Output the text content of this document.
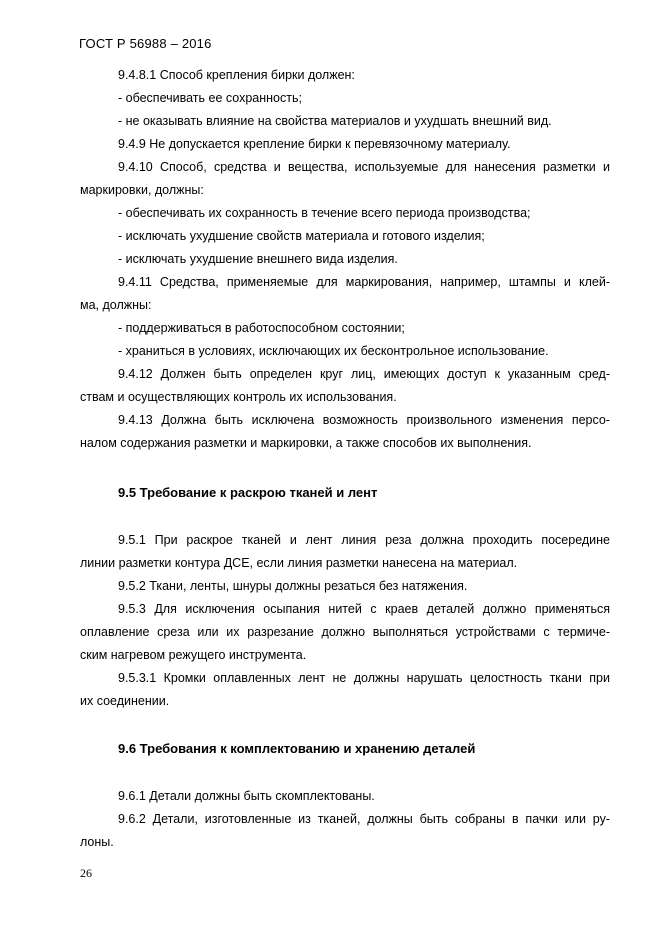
ГОСТ Р 56988 – 2016
9.4.8.1 Способ крепления бирки должен:
- обеспечивать ее сохранность;
- не оказывать влияние на свойства материалов и ухудшать внешний вид.
9.4.9 Не допускается крепление бирки к перевязочному материалу.
9.4.10 Способ, средства и вещества, используемые для нанесения разметки и
маркировки, должны:
- обеспечивать их сохранность в течение всего периода производства;
- исключать ухудшение свойств материала и готового изделия;
- исключать ухудшение внешнего вида изделия.
9.4.11 Средства, применяемые для маркирования, например, штампы и клей-
ма, должны:
- поддерживаться в работоспособном состоянии;
- храниться в условиях, исключающих их бесконтрольное использование.
9.4.12 Должен быть определен круг лиц, имеющих доступ к указанным сред-
ствам и осуществляющих контроль их использования.
9.4.13 Должна быть исключена возможность произвольного изменения персо-
налом содержания разметки и маркировки, а также способов их выполнения.
9.5 Требование к раскрою тканей и лент
9.5.1 При раскрое тканей и лент линия реза должна проходить посередине
линии разметки контура ДСЕ, если линия разметки нанесена на материал.
9.5.2 Ткани, ленты, шнуры должны резаться без натяжения.
9.5.3 Для исключения осыпания нитей с краев деталей должно применяться
оплавление среза или их разрезание должно выполняться устройствами с термиче-
ским нагревом режущего инструмента.
9.5.3.1 Кромки оплавленных лент не должны нарушать целостность ткани при
их соединении.
9.6 Требования к комплектованию и хранению деталей
9.6.1 Детали должны быть скомплектованы.
9.6.2 Детали, изготовленные из тканей, должны быть собраны в пачки или ру-
лоны.
26
